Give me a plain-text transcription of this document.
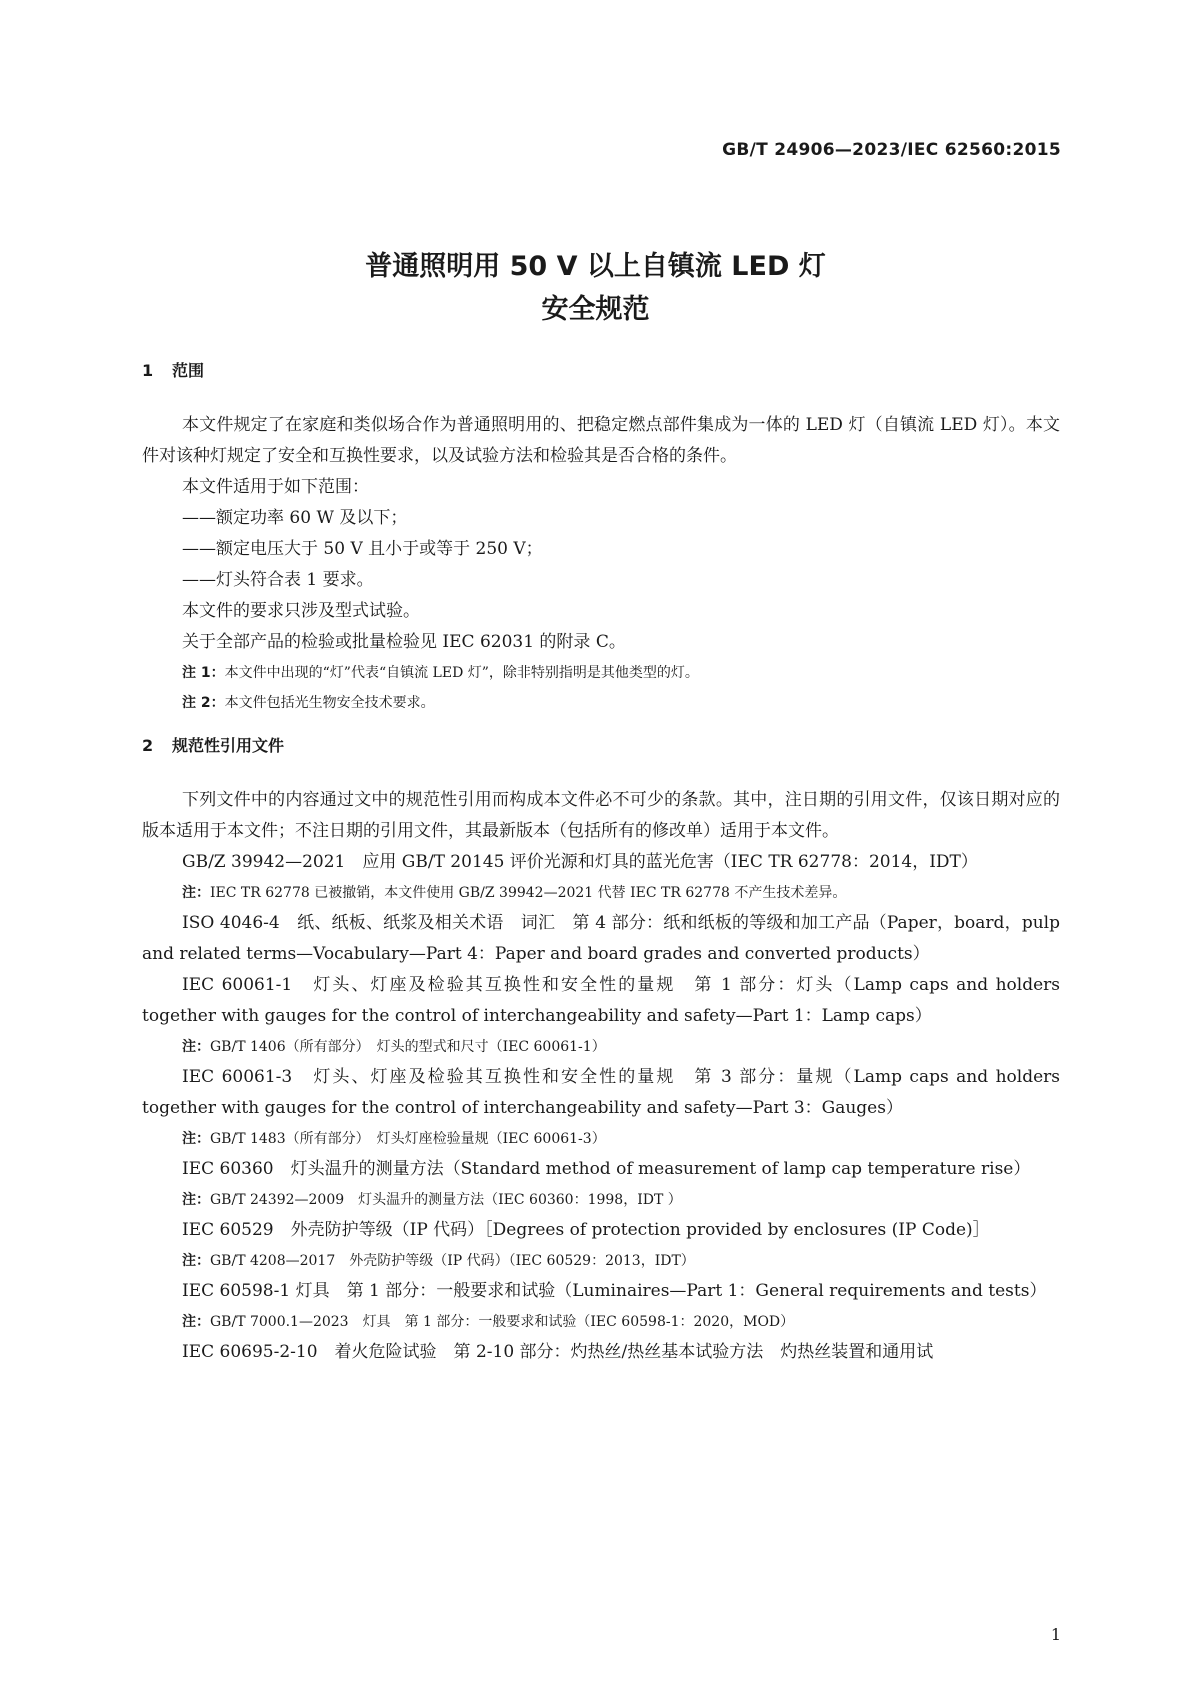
GB/T 24906—2023/IEC 62560:2015
普通照明用 50 V 以上自镇流 LED 灯
安全规范
1 范围

本文件规定了在家庭和类似场合作为普通照明用的、把稳定燃点部件集成为一体的 LED 灯（自镇流 LED 灯）。本文件对该种灯规定了安全和互换性要求，以及试验方法和检验其是否合格的条件。

本文件适用于如下范围：

——额定功率 60 W 及以下；

——额定电压大于 50 V 且小于或等于 250 V；

——灯头符合表 1 要求。

本文件的要求只涉及型式试验。

关于全部产品的检验或批量检验见 IEC 62031 的附录 C。

注 1：本文件中出现的“灯”代表“自镇流 LED 灯”，除非特别指明是其他类型的灯。

注 2：本文件包括光生物安全技术要求。

2 规范性引用文件

下列文件中的内容通过文中的规范性引用而构成本文件必不可少的条款。其中，注日期的引用文件，仅该日期对应的版本适用于本文件；不注日期的引用文件，其最新版本（包括所有的修改单）适用于本文件。

GB/Z 39942—2021　应用 GB/T 20145 评价光源和灯具的蓝光危害（IEC TR 62778：2014，IDT）

注：IEC TR 62778 已被撤销，本文件使用 GB/Z 39942—2021 代替 IEC TR 62778 不产生技术差异。

ISO 4046-4　纸、纸板、纸浆及相关术语　词汇　第 4 部分：纸和纸板的等级和加工产品（Paper，board，pulp and related terms—Vocabulary—Part 4：Paper and board grades and converted products）

IEC 60061-1　灯头、灯座及检验其互换性和安全性的量规　第 1 部分：灯头（Lamp caps and holders together with gauges for the control of interchangeability and safety—Part 1：Lamp caps）

注：GB/T 1406（所有部分）　灯头的型式和尺寸（IEC 60061-1）

IEC 60061-3　灯头、灯座及检验其互换性和安全性的量规　第 3 部分：量规（Lamp caps and holders together with gauges for the control of interchangeability and safety—Part 3：Gauges）

注：GB/T 1483（所有部分）　灯头灯座检验量规（IEC 60061-3）

IEC 60360　灯头温升的测量方法（Standard method of measurement of lamp cap temperature rise）

注：GB/T 24392—2009　灯头温升的测量方法（IEC 60360：1998，IDT ）

IEC 60529　外壳防护等级（IP 代码）［Degrees of protection provided by enclosures (IP Code)］

注：GB/T 4208—2017　外壳防护等级（IP 代码）（IEC 60529：2013，IDT）

IEC 60598-1 灯具　第 1 部分：一般要求和试验（Luminaires—Part 1：General requirements and tests）

注：GB/T 7000.1—2023　灯具　第 1 部分：一般要求和试验（IEC 60598-1：2020，MOD）

IEC 60695-2-10　着火危险试验　第 2-10 部分：灼热丝/热丝基本试验方法　灼热丝装置和通用试

1
